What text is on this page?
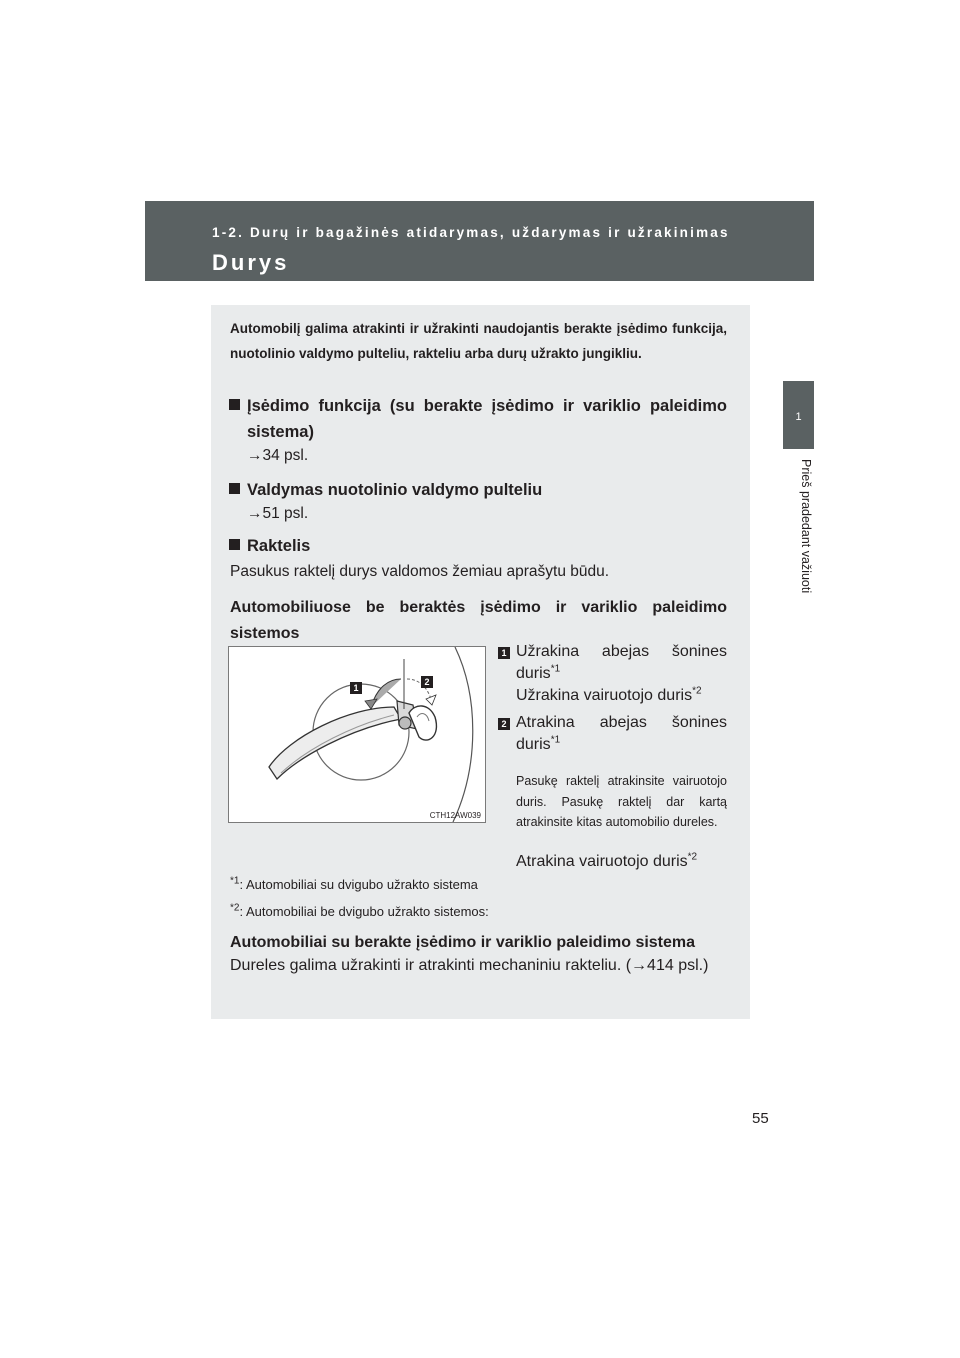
1-2. Durų ir bagažinės atidarymas, uždarymas ir užrakinimas
Durys
1
Prieš pradedant važiuoti

Automobilį galima atrakinti ir užrakinti naudojantis berakte įsėdimo funkcija, nuotolinio valdymo pulteliu, rakteliu arba durų užrakto jungikliu.

Įsėdimo funkcija (su berakte įsėdimo ir variklio paleidimo sistema)

→34 psl.

Valdymas nuotolinio valdymo pulteliu

→51 psl.

Raktelis

Pasukus raktelį durys valdomos žemiau aprašytu būdu.

Automobiliuose be beraktės įsėdimo ir variklio paleidimo sistemos

1
2
CTH12AW039
1 Užrakina abejas šonines

duris$^{*1}$

Užrakina vairuotojo duris$^{*2}$

2 Atrakina abejas šonines

duris$^{*1}$

Pasukę raktelį atrakinsite vairuotojo duris. Pasukę raktelį dar kartą atrakinsite kitas automobilio dureles.

Atrakina vairuotojo duris$^{*2}$

$^{*1}$: Automobiliai su dvigubo užrakto sistema
$^{*2}$: Automobiliai be dvigubo užrakto sistemos:

Automobiliai su berakte įsėdimo ir variklio paleidimo sistema

Dureles galima užrakinti ir atrakinti mechaniniu rakteliu. (→414 psl.)

55
